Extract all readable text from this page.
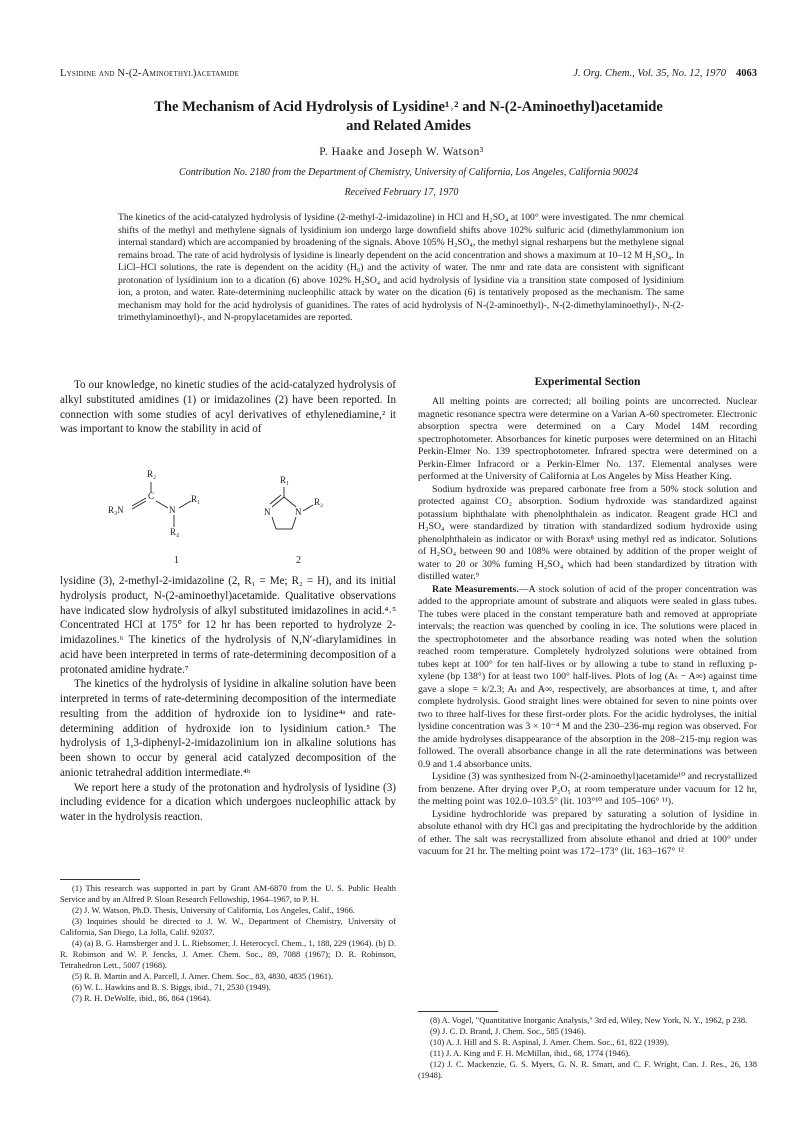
Lysidine and N-(2-Aminoethyl)acetamide	J. Org. Chem., Vol. 35, No. 12, 1970 4063
The Mechanism of Acid Hydrolysis of Lysidine¹˒² and N-(2-Aminoethyl)acetamide
and Related Amides
P. Haake and Joseph W. Watson³
Contribution No. 2180 from the Department of Chemistry, University of California, Los Angeles, California 90024
Received February 17, 1970
The kinetics of the acid-catalyzed hydrolysis of lysidine (2-methyl-2-imidazoline) in HCl and H₂SO₄ at 100° were investigated. The nmr chemical shifts of the methyl and methylene signals of lysidinium ion undergo large downfield shifts above 102% sulfuric acid (dimethylammonium ion internal standard) which are accompanied by broadening of the signals. Above 105% H₂SO₄, the methyl signal resharpens but the methylene signal remains broad. The rate of acid hydrolysis of lysidine is linearly dependent on the acid concentration and shows a maximum at 10–12 M H₂SO₄. In LiCl–HCl solutions, the rate is dependent on the acidity (H₀) and the activity of water. The nmr and rate data are consistent with significant protonation of lysidinium ion to a dication (6) above 102% H₂SO₄ and acid hydrolysis of lysidine via a transition state composed of lysidinium ion, a proton, and water. Rate-determining nucleophilic attack by water on the dication (6) is tentatively proposed as the mechanism. The same mechanism may hold for the acid hydrolysis of guanidines. The rates of acid hydrolysis of N-(2-aminoethyl)-, N-(2-dimethylaminoethyl)-, N-(2-trimethylaminoethyl)-, and N-propylacetamides are reported.

To our knowledge, no kinetic studies of the acid-catalyzed hydrolysis of alkyl substituted amidines (1) or imidazolines (2) have been reported. In connection with some studies of acyl derivatives of ethylenediamine,² it was important to know the stability in acid of

R₂
C
R₃N	N
R₁
R₄
1
R₁
N	N
R₂
2

lysidine (3), 2-methyl-2-imidazoline (2, R₁ = Me; R₂ = H), and its initial hydrolysis product, N-(2-aminoethyl)acetamide. Qualitative observations have indicated slow hydrolysis of alkyl substituted imidazolines in acid.⁴˒⁵ Concentrated HCl at 175° for 12 hr has been reported to hydrolyze 2-imidazolines.⁶ The kinetics of the hydrolysis of N,N′-diarylamidines in acid have been interpreted in terms of rate-determining decomposition of a protonated amidine hydrate.⁷

The kinetics of the hydrolysis of lysidine in alkaline solution have been interpreted in terms of rate-determining decomposition of the intermediate resulting from the addition of hydroxide ion to lysidine⁴ᵃ and rate-determining addition of hydroxide ion to lysidinium cation.⁵ The hydrolysis of 1,3-diphenyl-2-imidazolinium ion in alkaline solutions has been shown to occur by general acid catalyzed decomposition of the anionic tetrahedral addition intermediate.⁴ᵇ

We report here a study of the protonation and hydrolysis of lysidine (3) including evidence for a dication which undergoes nucleophilic attack by water in the hydrolysis reaction.

(1) This research was supported in part by Grant AM-6870 from the U. S. Public Health Service and by an Alfred P. Sloan Research Fellowship, 1964–1967, to P. H.

(2) J. W. Watson, Ph.D. Thesis, University of California, Los Angeles, Calif., 1966.

(3) Inquiries should be directed to J. W. W., Department of Chemistry, University of California, San Diego, La Jolla, Calif. 92037.

(4) (a) B. G. Harnsberger and J. L. Riebsomer, J. Heterocycl. Chem., 1, 188, 229 (1964). (b) D. R. Robinson and W. P. Jencks, J. Amer. Chem. Soc., 89, 7088 (1967); D. R. Robinson, Tetrahedron Lett., 5007 (1968).

(5) R. B. Martin and A. Parcell, J. Amer. Chem. Soc., 83, 4830, 4835 (1961).

(6) W. L. Hawkins and B. S. Biggs, ibid., 71, 2530 (1949).

(7) R. H. DeWolfe, ibid., 86, 864 (1964).

Experimental Section

All melting points are corrected; all boiling points are uncorrected. Nuclear magnetic resonance spectra were determine on a Varian A-60 spectrometer. Electronic absorption spectra were determined on a Cary Model 14M recording spectrophotometer. Absorbances for kinetic purposes were determined on an Hitachi Perkin-Elmer No. 139 spectrophotometer. Infrared spectra were determined on a Perkin-Elmer Infracord or a Perkin-Elmer No. 137. Elemental analyses were performed at the University of California at Los Angeles by Miss Heather King.

Sodium hydroxide was prepared carbonate free from a 50% stock solution and protected against CO₂ absorption. Sodium hydroxide was standardized against potassium biphthalate with phenolphthalein as indicator. Reagent grade HCl and H₂SO₄ were standardized by titration with standardized sodium hydroxide using phenolphthalein as indicator or with Borax⁸ using methyl red as indicator. Solutions of H₂SO₄ between 90 and 108% were obtained by addition of the proper weight of water to 20 or 30% fuming H₂SO₄ which had been standardized by titration with distilled water.⁹

Rate Measurements.—A stock solution of acid of the proper concentration was added to the appropriate amount of substrate and aliquots were sealed in glass tubes. The tubes were placed in the constant temperature bath and removed at appropriate intervals; the reaction was quenched by cooling in ice. The solutions were placed in the spectrophotometer and the absorbance reading was noted when the solution reached room temperature. Completely hydrolyzed solutions were obtained from tubes kept at 100° for ten half-lives or by allowing a tube to stand in refluxing p-xylene (bp 138°) for at least two 100° half-lives. Plots of log (Aₜ − A∞) against time gave a slope = k/2.3; Aₜ and A∞, respectively, are absorbances at time, t, and after complete hydrolysis. Good straight lines were obtained for seven to nine points over two to three half-lives for these first-order plots. For the acidic hydrolyses, the initial lysidine concentration was 3 × 10⁻⁴ M and the 230–236-mμ region was observed. For the amide hydrolyses disappearance of the absorption in the 208–215-mμ region was followed. The overall absorbance change in all the rate determinations was between 0.9 and 1.4 absorbance units.

Lysidine (3) was synthesized from N-(2-aminoethyl)acetamide¹⁰ and recrystallized from benzene. After drying over P₂O₅ at room temperature under vacuum for 12 hr, the melting point was 102.0–103.5° (lit. 103°¹⁰ and 105–106° ¹¹).

Lysidine hydrochloride was prepared by saturating a solution of lysidine in absolute ethanol with dry HCl gas and precipitating the hydrochloride by the addition of ether. The salt was recrystallized from absolute ethanol and dried at 100° under vacuum for 21 hr. The melting point was 172–173° (lit. 163–167° ¹²

(8) A. Vogel, "Quantitative Inorganic Analysis," 3rd ed, Wiley, New York, N. Y., 1962, p 238.

(9) J. C. D. Brand, J. Chem. Soc., 585 (1946).

(10) A. J. Hill and S. R. Aspinal, J. Amer. Chem. Soc., 61, 822 (1939).

(11) J. A. King and F. H. McMillan, ibid., 68, 1774 (1946).

(12) J. C. Mackenzie, G. S. Myers, G. N. R. Smart, and C. F. Wright, Can. J. Res., 26, 138 (1948).
